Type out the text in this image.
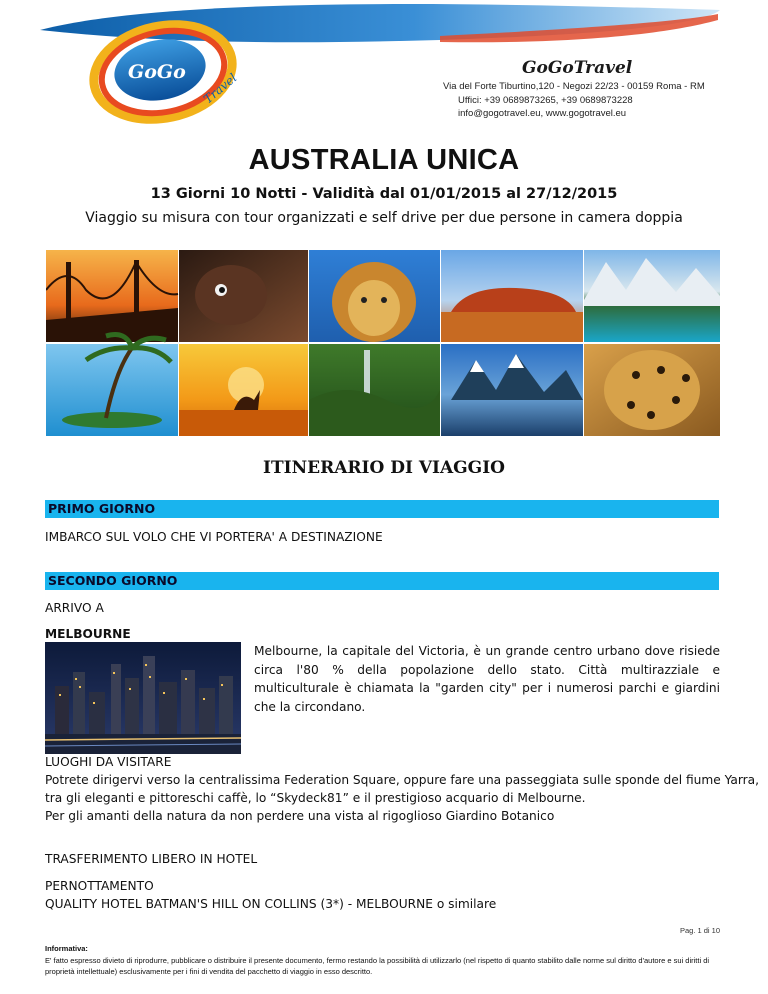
GoGo Travel
GoGoTravel
Via del Forte Tiburtino,120 - Negozi 22/23 - 00159 Roma - RM
Uffici: +39 0689873265, +39 0689873228
info@gogotravel.eu, www.gogotravel.eu
AUSTRALIA UNICA
13 Giorni 10 Notti - Validità dal 01/01/2015 al 27/12/2015
Viaggio su misura con tour organizzati e self drive per due persone in camera doppia
ITINERARIO DI VIAGGIO
PRIMO GIORNO
IMBARCO SUL VOLO CHE VI PORTERA' A DESTINAZIONE
SECONDO GIORNO
ARRIVO A
MELBOURNE
Melbourne, la capitale del Victoria, è un grande centro urbano dove risiede circa l'80 % della popolazione dello stato. Città multirazziale e multiculturale è chiamata la "garden city" per i numerosi parchi e giardini che la circondano.
LUOGHI DA VISITARE
Potrete dirigervi verso la centralissima Federation Square, oppure fare una passeggiata sulle sponde del fiume Yarra,
tra gli eleganti e pittoreschi caffè, lo “Skydeck81” e il prestigioso acquario di Melbourne.
Per gli amanti della natura da non perdere una vista al rigoglioso Giardino Botanico
TRASFERIMENTO LIBERO IN HOTEL
PERNOTTAMENTO
QUALITY HOTEL BATMAN'S HILL ON COLLINS (3*) - MELBOURNE o similare
Pag. 1 di 10
Informativa:
E' fatto espresso divieto di riprodurre, pubblicare o distribuire il presente documento, fermo restando la possibilità di utilizzarlo (nel rispetto di quanto stabilito dalle norme sul diritto d'autore e sui diritti di proprietà intellettuale) esclusivamente per i fini di vendita del pacchetto di viaggio in esso descritto.
